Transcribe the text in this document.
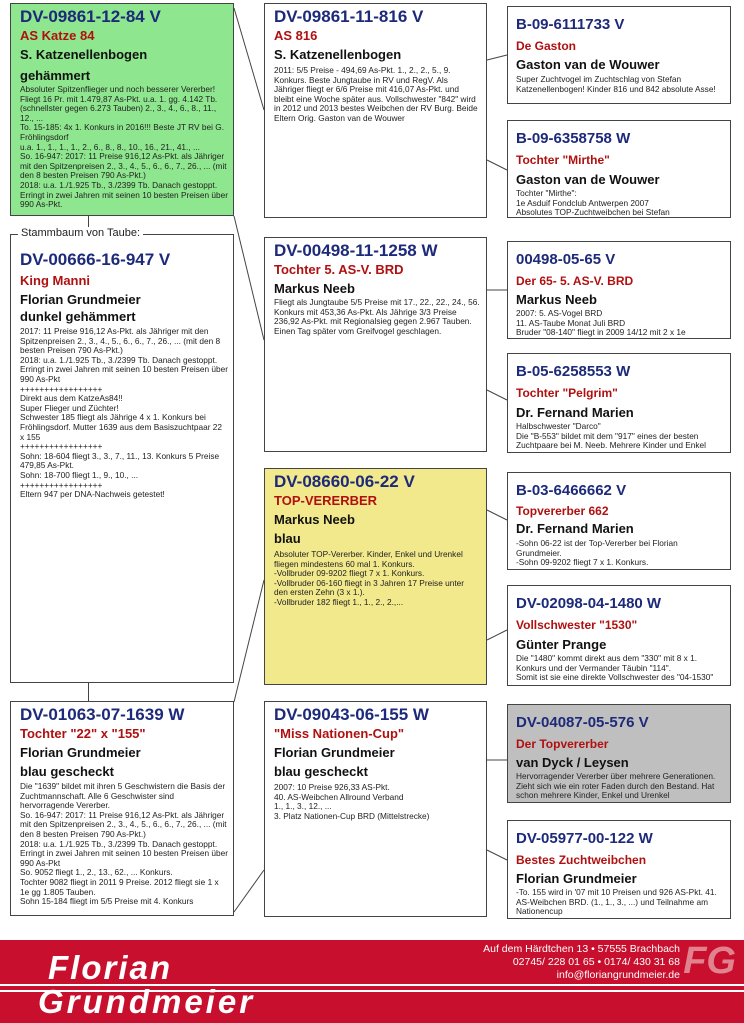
DV-09861-12-84 V
AS Katze 84
S. Katzenellenbogen
gehämmert
Absoluter Spitzenflieger und noch besserer Vererber! Fliegt 16 Pr. mit 1.479,87 As-Pkt. u.a. 1. gg. 4.142 Tb. (schnellster gegen 6.273 Tauben) 2., 3., 4., 6., 8., 11., 12., ...
To. 15-185: 4x 1. Konkurs in 2016!!! Beste JT RV bei G. Fröhlingsdorf
u.a. 1., 1., 1., 1., 2., 6., 8., 8., 10., 16., 21., 41., ...
So. 16-947: 2017: 11 Preise 916,12 As-Pkt. als Jähriger mit den Spitzenpreisen 2., 3., 4., 5., 6., 6., 7., 26., ... (mit den 8 besten Preisen 790 As-Pkt.)
2018: u.a. 1./1.925 Tb., 3./2399 Tb. Danach gestoppt. Erringt in zwei Jahren mit seinen 10 besten Preisen über 990 As-Pkt.
DV-00666-16-947 V
King Manni
Florian Grundmeier
dunkel gehämmert
2017: 11 Preise 916,12 As-Pkt. als Jähriger mit den Spitzenpreisen 2., 3., 4., 5., 6., 6., 7., 26., ... (mit den 8 besten Preisen 790 As-Pkt.)
2018: u.a. 1./1.925 Tb., 3./2399 Tb. Danach gestoppt. Erringt in zwei Jahren mit seinen 10 besten Preisen über 990 As-Pkt
+++++++++++++++++
Direkt aus dem KatzeAs84!!
Super Flieger und Züchter!
Schwester 185 fliegt als Jährige 4 x 1. Konkurs bei Fröhlingsdorf. Mutter 1639 aus dem Basiszuchtpaar 22 x 155
+++++++++++++++++
Sohn: 18-604 fliegt 3., 3., 7., 11., 13. Konkurs 5 Preise 479,85 As-Pkt.
Sohn: 18-700 fliegt 1., 9., 10., ...
+++++++++++++++++
Eltern 947 per DNA-Nachweis getestet!
Stammbaum von Taube:
DV-01063-07-1639 W
Tochter "22" x "155"
Florian Grundmeier
blau gescheckt
Die "1639" bildet mit ihren 5 Geschwistern die Basis der Zuchtmannschaft. Alle 6 Geschwister sind hervorragende Vererber.
So. 16-947: 2017: 11 Preise 916,12 As-Pkt. als Jähriger mit den Spitzenpreisen 2., 3., 4., 5., 6., 6., 7., 26., ... (mit den 8 besten Preisen 790 As-Pkt.)
2018: u.a. 1./1.925 Tb., 3./2399 Tb. Danach gestoppt. Erringt in zwei Jahren mit seinen 10 besten Preisen über 990 As-Pkt
So. 9052 fliegt 1., 2., 13., 62., ... Konkurs.
Tochter 9082 fliegt in 2011 9 Preise. 2012 fliegt sie 1 x 1e gg 1.805 Tauben.
Sohn 15-184 fliegt im 5/5 Preise mit 4. Konkurs
DV-09861-11-816 V
AS 816
S. Katzenellenbogen
2011: 5/5 Preise - 494,69 As-Pkt. 1., 2., 2., 5., 9. Konkurs. Beste Jungtaube in RV und RegV. Als Jähriger fliegt er 6/6 Preise mit 416,07 As-Pkt. und bleibt eine Woche später aus. Vollschwester "842" wird in 2012 und 2013 bestes Weibchen der RV Burg. Beide Eltern Orig. Gaston van de Wouwer
DV-00498-11-1258 W
Tochter 5. AS-V. BRD
Markus Neeb
Fliegt als Jungtaube 5/5 Preise mit 17., 22., 22., 24., 56. Konkurs mit 453,36 As-Pkt. Als Jährige 3/3 Preise 236,92 As-Pkt. mit Regionalsieg gegen 2.967 Tauben. Einen Tag später vom Greifvogel geschlagen.
DV-08660-06-22 V
TOP-VERERBER
Markus Neeb
blau
Absoluter TOP-Vererber. Kinder, Enkel und Urenkel fliegen mindestens 60 mal 1. Konkurs.
-Vollbruder 09-9202 fliegt 7 x 1. Konkurs.
-Vollbruder 06-160 fliegt in 3 Jahren 17 Preise unter den ersten Zehn (3 x 1.).
-Vollbruder 182 fliegt 1., 1., 2., 2.,...
DV-09043-06-155 W
"Miss Nationen-Cup"
Florian Grundmeier
blau gescheckt
2007: 10 Preise 926,33 AS-Pkt.
40. AS-Weibchen Allround Verband
1., 1., 3., 12., ...
3. Platz Nationen-Cup BRD (Mittelstrecke)
B-09-6111733 V
De Gaston
Gaston van de Wouwer
Super Zuchtvogel im Zuchtschlag von Stefan Katzenellenbogen! Kinder 816 und 842 absolute Asse!
B-09-6358758 W
Tochter "Mirthe"
Gaston van de Wouwer
Tochter "Mirthe":
1e Asduif Fondclub Antwerpen 2007
Absolutes TOP-Zuchtweibchen bei Stefan
00498-05-65 V
Der 65- 5. AS-V. BRD
Markus Neeb
2007: 5. AS-Vogel BRD
11. AS-Taube Monat Juli BRD
Bruder "08-140" fliegt in 2009 14/12 mit 2 x 1e
B-05-6258553 W
Tochter "Pelgrim"
Dr. Fernand Marien
Halbschwester "Darco"
Die "B-553" bildet mit dem "917" eines der besten Zuchtpaare bei M. Neeb. Mehrere Kinder und Enkel
B-03-6466662 V
Topvererber 662
Dr. Fernand Marien
-Sohn 06-22 ist der Top-Vererber bei Florian Grundmeier.
-Sohn 09-9202 fliegt 7 x 1. Konkurs.
DV-02098-04-1480 W
Vollschwester "1530"
Günter Prange
Die "1480" kommt direkt aus dem "330" mit 8 x 1. Konkurs und der Vermander Täubin "114".
Somit ist sie eine direkte Vollschwester des "04-1530"
DV-04087-05-576 V
Der Topvererber
van Dyck / Leysen
Hervorragender Vererber über mehrere Generationen. Zieht sich wie ein roter Faden durch den Bestand. Hat schon mehrere Kinder, Enkel und Urenkel
DV-05977-00-122 W
Bestes Zuchtweibchen
Florian Grundmeier
-To. 155 wird in '07 mit 10 Preisen und 926 AS-Pkt. 41. AS-Weibchen BRD. (1., 1., 3., ...) und Teilnahme am Nationencup
FG
Auf dem Härdtchen 13 • 57555 Brachbach
02745/ 228 01 65 • 0174/ 430 31 68
info@floriangrundmeier.de
Florian
Grundmeier
